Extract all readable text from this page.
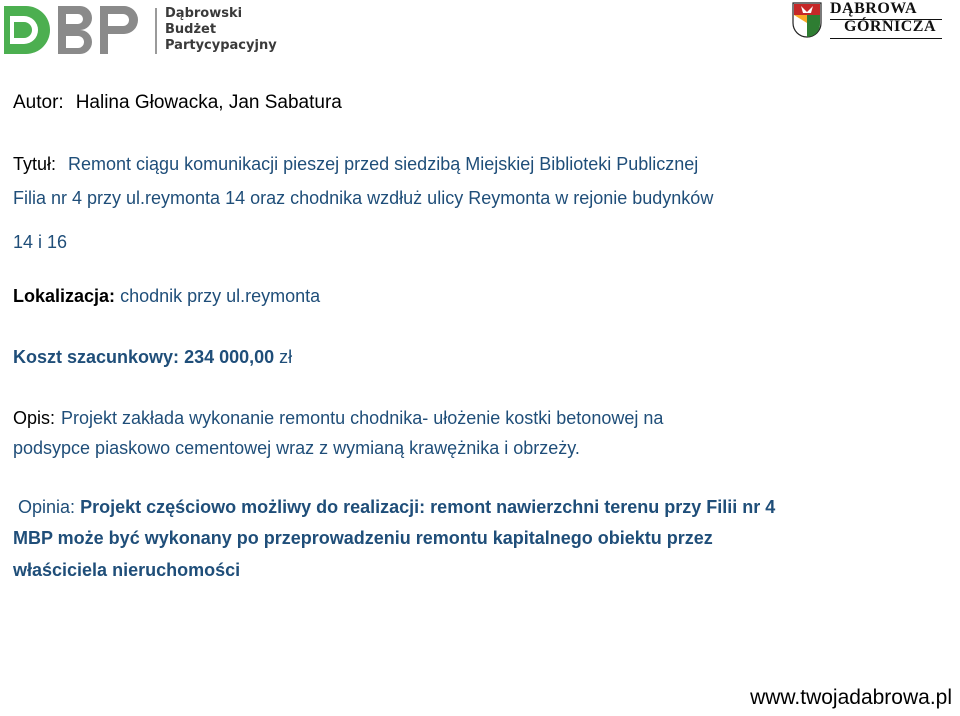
Dąbrowski
Budżet
Partycypacyjny
DĄBROWA
GÓRNICZA
Autor: Halina Głowacka, Jan Sabatura
Tytuł: Remont ciągu komunikacji pieszej przed siedzibą Miejskiej Biblioteki Publicznej
Filia nr 4 przy ul.reymonta 14 oraz chodnika wzdłuż ulicy Reymonta w rejonie budynków
14 i 16
Lokalizacja: chodnik przy ul.reymonta
Koszt szacunkowy: 234 000,00 zł
Opis: Projekt zakłada wykonanie remontu chodnika- ułożenie kostki betonowej na
podsypce piaskowo cementowej wraz z wymianą krawężnika i obrzeży.
Opinia: Projekt częściowo możliwy do realizacji: remont nawierzchni terenu przy Filii nr 4
MBP może być wykonany po przeprowadzeniu remontu kapitalnego obiektu przez
właściciela nieruchomości
www.twojadabrowa.pl
